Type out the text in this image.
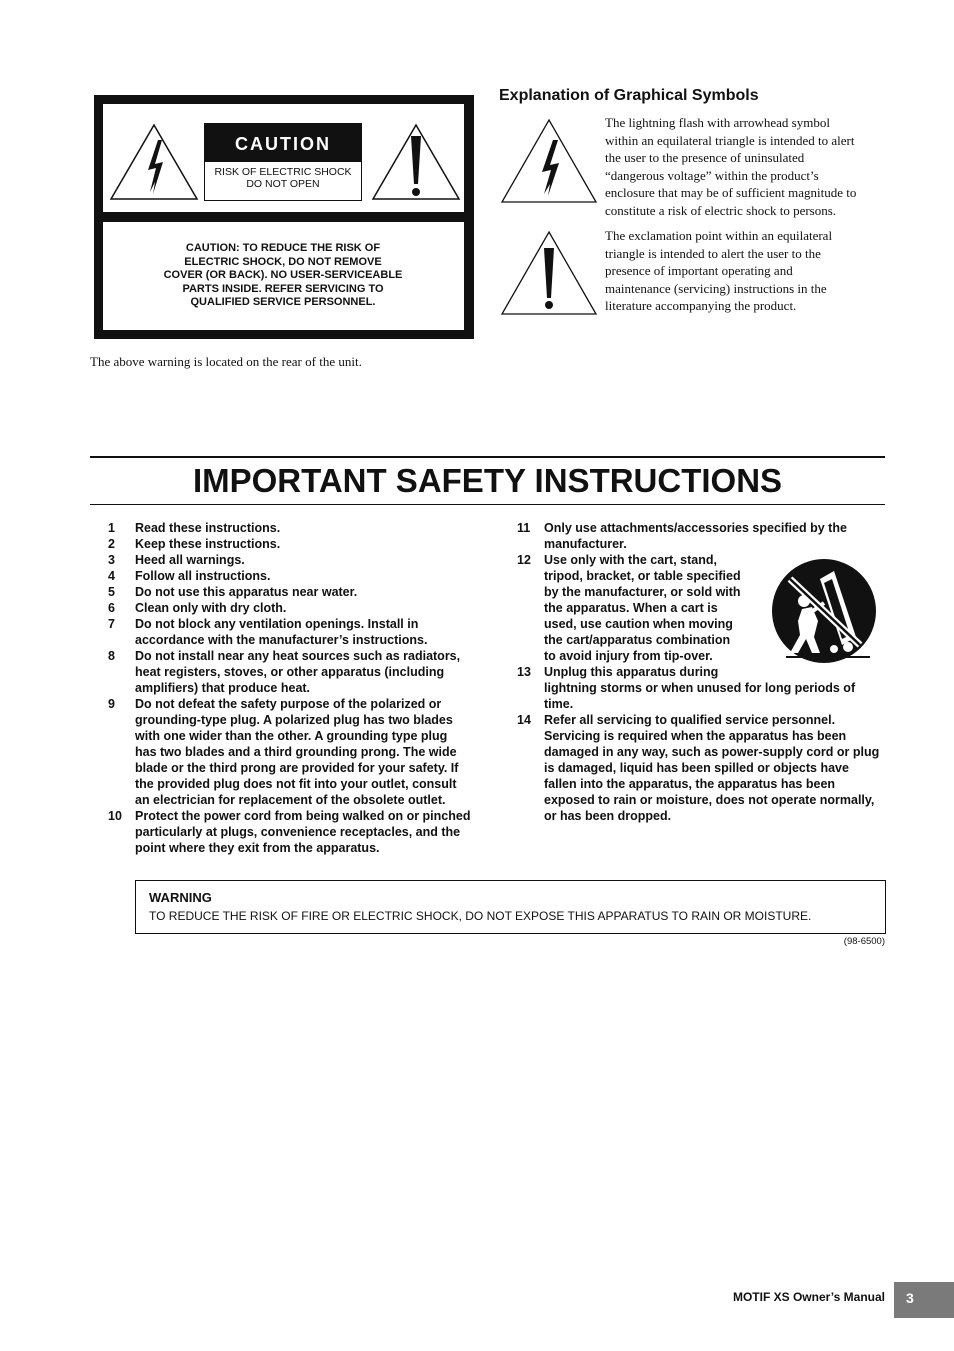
CAUTION
RISK OF ELECTRIC SHOCK
DO NOT OPEN
CAUTION: TO REDUCE THE RISK OF
ELECTRIC SHOCK, DO NOT REMOVE
COVER (OR BACK). NO USER-SERVICEABLE
PARTS INSIDE. REFER SERVICING TO
QUALIFIED SERVICE PERSONNEL.
The above warning is located on the rear of the unit.
Explanation of Graphical Symbols
The lightning flash with arrowhead symbol
within an equilateral triangle is intended to alert
the user to the presence of uninsulated
“dangerous voltage” within the product’s
enclosure that may be of sufficient magnitude to
constitute a risk of electric shock to persons.
The exclamation point within an equilateral
triangle is intended to alert the user to the
presence of important operating and
maintenance (servicing) instructions in the
literature accompanying the product.
IMPORTANT SAFETY INSTRUCTIONS
1 Read these instructions.
2 Keep these instructions.
3 Heed all warnings.
4 Follow all instructions.
5 Do not use this apparatus near water.
6 Clean only with dry cloth.
7 Do not block any ventilation openings. Install in
accordance with the manufacturer’s instructions.
8 Do not install near any heat sources such as radiators,
heat registers, stoves, or other apparatus (including
amplifiers) that produce heat.
9 Do not defeat the safety purpose of the polarized or
grounding-type plug. A polarized plug has two blades
with one wider than the other. A grounding type plug
has two blades and a third grounding prong. The wide
blade or the third prong are provided for your safety. If
the provided plug does not fit into your outlet, consult
an electrician for replacement of the obsolete outlet.
10 Protect the power cord from being walked on or pinched
particularly at plugs, convenience receptacles, and the
point where they exit from the apparatus.
11 Only use attachments/accessories specified by the
manufacturer.
12 Use only with the cart, stand,
tripod, bracket, or table specified
by the manufacturer, or sold with
the apparatus. When a cart is
used, use caution when moving
the cart/apparatus combination
to avoid injury from tip-over.
13 Unplug this apparatus during
lightning storms or when unused for long periods of
time.
14 Refer all servicing to qualified service personnel.
Servicing is required when the apparatus has been
damaged in any way, such as power-supply cord or plug
is damaged, liquid has been spilled or objects have
fallen into the apparatus, the apparatus has been
exposed to rain or moisture, does not operate normally,
or has been dropped.
WARNING
TO REDUCE THE RISK OF FIRE OR ELECTRIC SHOCK, DO NOT EXPOSE THIS APPARATUS TO RAIN OR MOISTURE.
(98-6500)
MOTIF XS Owner’s Manual 3
